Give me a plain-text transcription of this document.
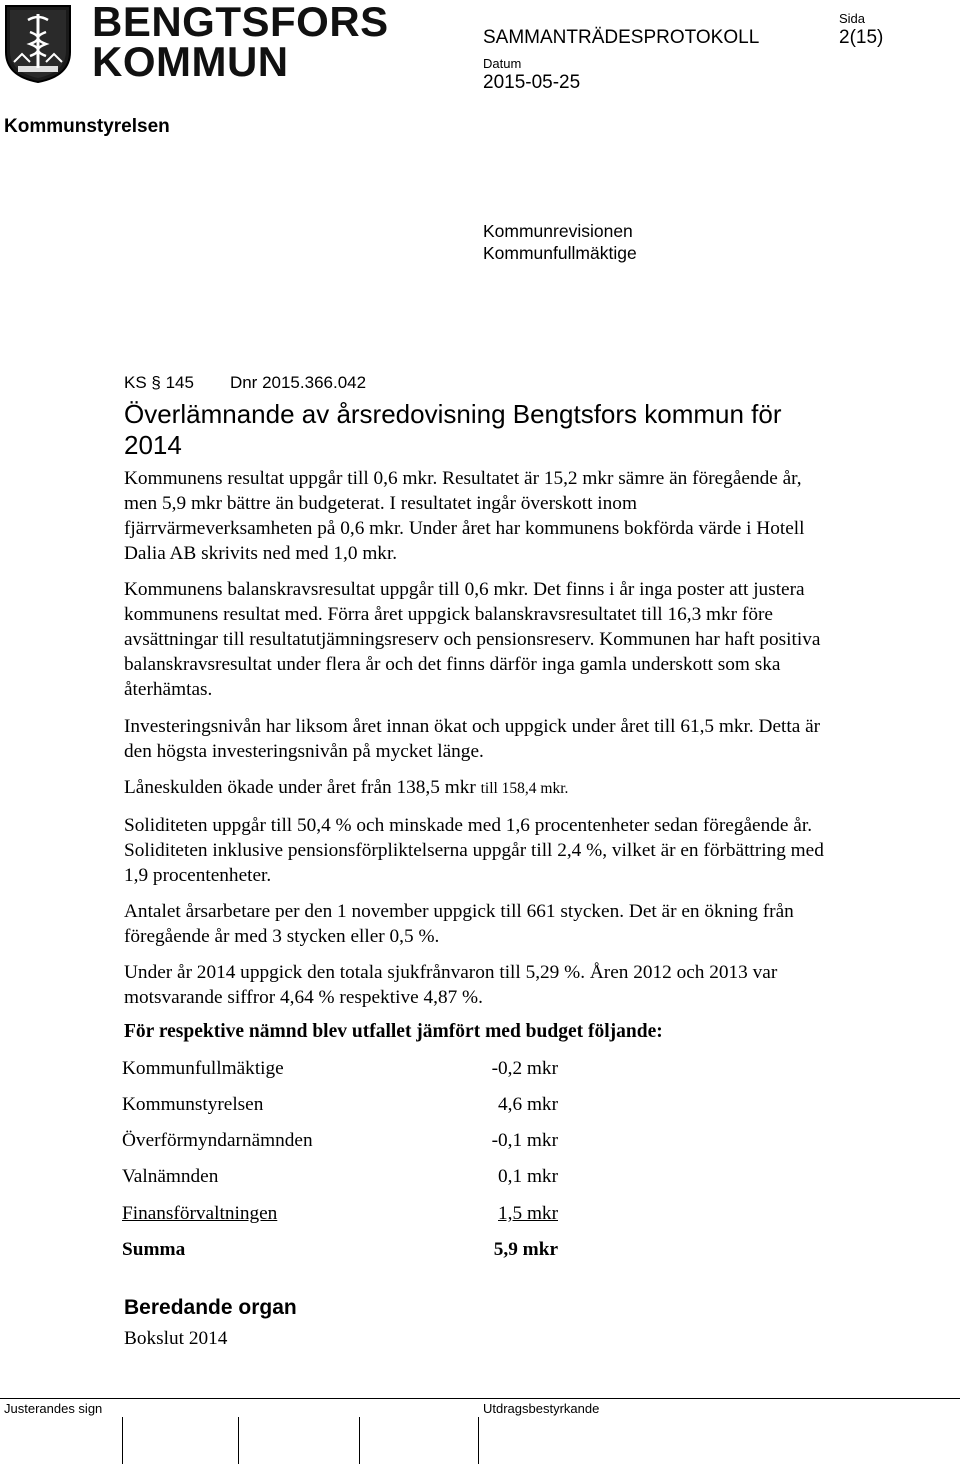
BENGTSFORS
KOMMUN
SAMMANTRÄDESPROTOKOLL
Sida
2(15)
Datum
2015-05-25
Kommunstyrelsen
Kommunrevisionen
Kommunfullmäktige
KS § 145 Dnr 2015.366.042
Överlämnande av årsredovisning Bengtsfors kommun för 2014

Kommunens resultat uppgår till 0,6 mkr. Resultatet är 15,2 mkr sämre än föregående år, men 5,9 mkr bättre än budgeterat. I resultatet ingår överskott inom fjärrvärmeverksamheten på 0,6 mkr. Under året har kommunens bokförda värde i Hotell Dalia AB skrivits ned med 1,0 mkr.

Kommunens balanskravsresultat uppgår till 0,6 mkr. Det finns i år inga poster att justera kommunens resultat med. Förra året uppgick balanskravsresultatet till 16,3 mkr före avsättningar till resultatutjämningsreserv och pensionsreserv. Kommunen har haft positiva balanskravsresultat under flera år och det finns därför inga gamla underskott som ska återhämtas.

Investeringsnivån har liksom året innan ökat och uppgick under året till 61,5 mkr. Detta är den högsta investeringsnivån på mycket länge.

Låneskulden ökade under året från 138,5 mkr till 158,4 mkr.

Soliditeten uppgår till 50,4 % och minskade med 1,6 procentenheter sedan föregående år. Soliditeten inklusive pensionsförpliktelserna uppgår till 2,4 %, vilket är en förbättring med 1,9 procentenheter.

Antalet årsarbetare per den 1 november uppgick till 661 stycken. Det är en ökning från föregående år med 3 stycken eller 0,5 %.

Under år 2014 uppgick den totala sjukfrånvaron till 5,29 %. Åren 2012 och 2013 var motsvarande siffror 4,64 % respektive 4,87 %.

För respektive nämnd blev utfallet jämfört med budget följande:
Kommunfullmäktige	-0,2 mkr
Kommunstyrelsen	4,6 mkr
Överförmyndarnämnden	-0,1 mkr
Valnämnden	0,1 mkr
Finansförvaltningen	1,5 mkr
Summa	5,9 mkr
Beredande organ
Bokslut 2014
Justerandes sign	Utdragsbestyrkande
